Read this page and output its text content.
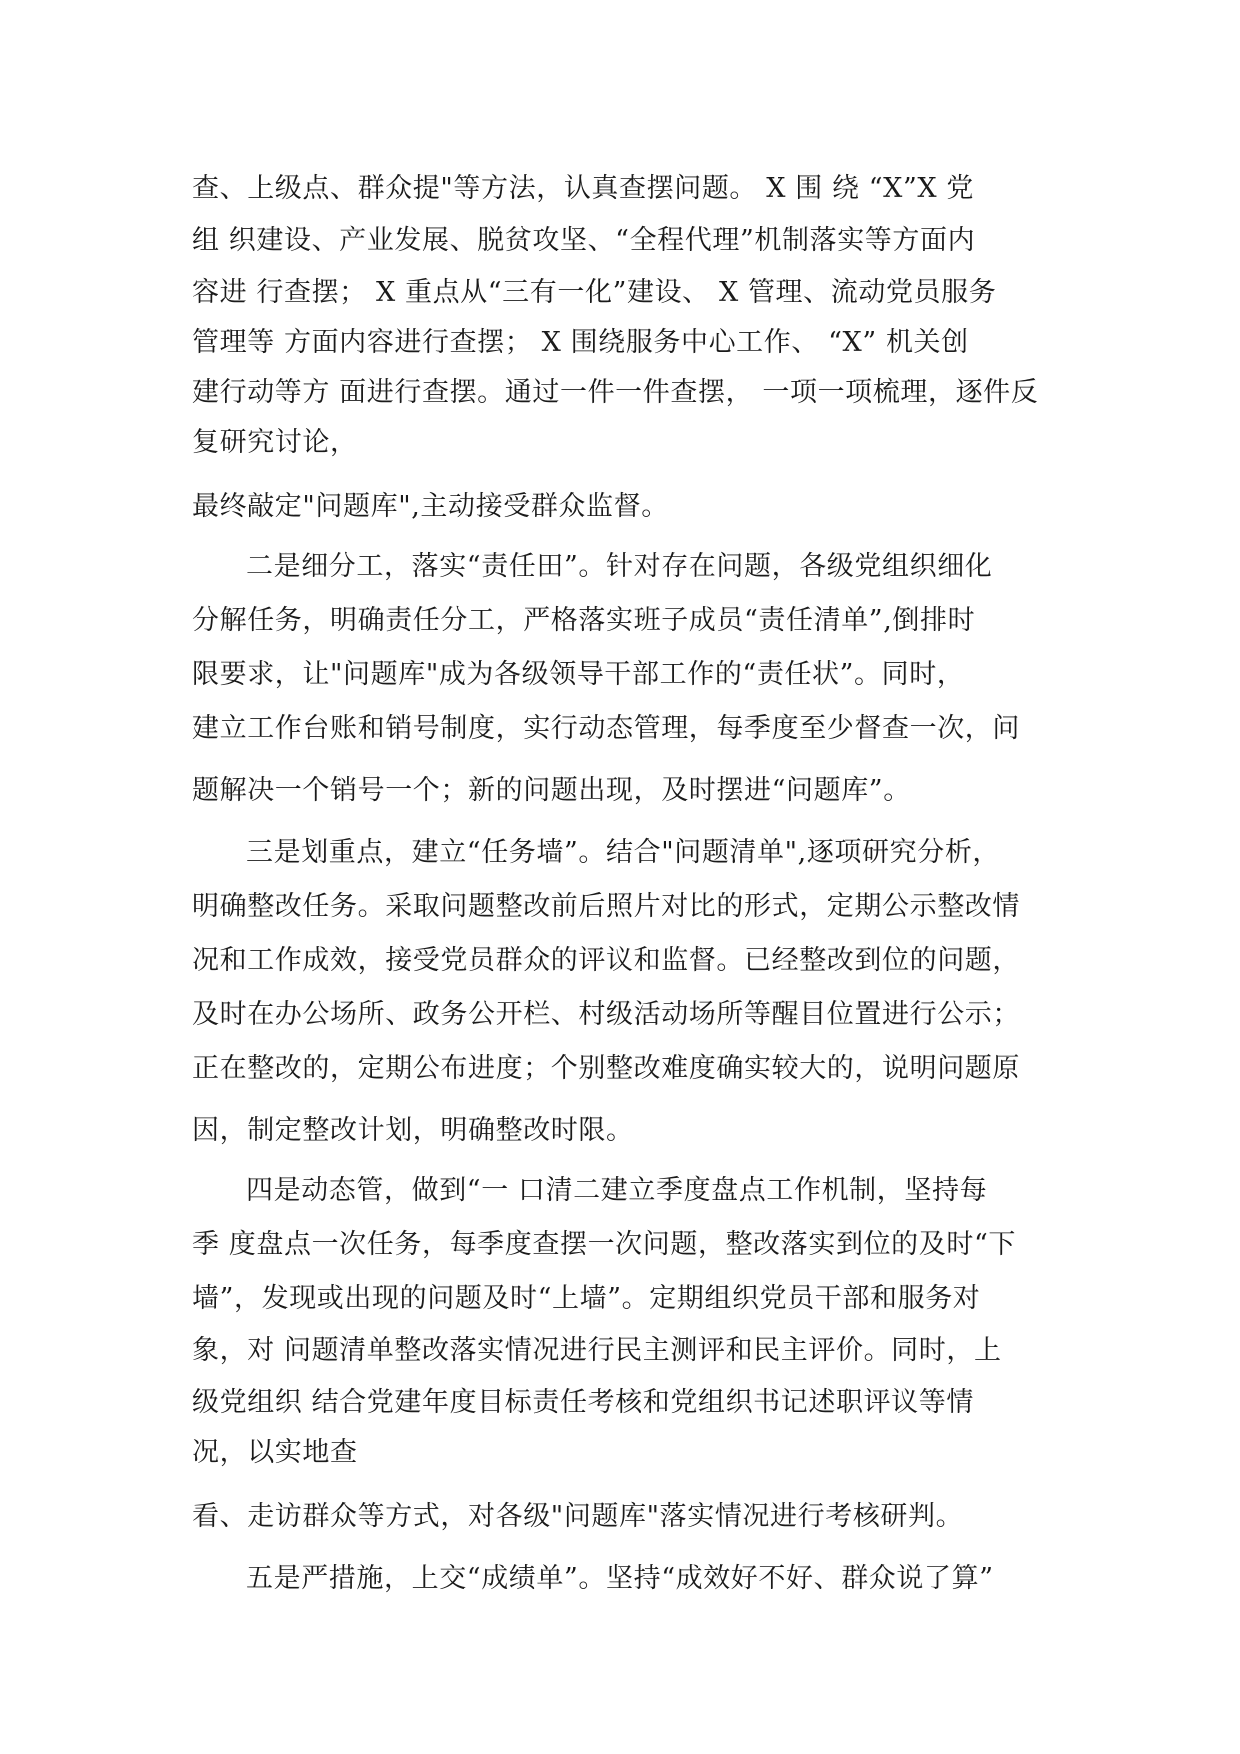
查、上级点、群众提"等方法，认真查摆问题。 X 围 绕 “X”X 党
组 织建设、产业发展、脱贫攻坚、“全程代理”机制落实等方面内
容进 行查摆； X 重点从“三有一化”建设、 X 管理、流动党员服务
管理等 方面内容进行查摆； X 围绕服务中心工作、 “X” 机关创
建行动等方 面进行查摆。通过一件一件查摆， 一项一项梳理，逐件反
复研究讨论，
最终敲定"问题库",主动接受群众监督。
二是细分工，落实“责任田”。针对存在问题，各级党组织细化
分解任务，明确责任分工，严格落实班子成员“责任清单”,倒排时
限要求，让"问题库"成为各级领导干部工作的“责任状”。同时，
建立工作台账和销号制度，实行动态管理，每季度至少督查一次，问
题解决一个销号一个；新的问题出现，及时摆进“问题库”。
三是划重点，建立“任务墙”。结合"问题清单",逐项研究分析，
明确整改任务。采取问题整改前后照片对比的形式，定期公示整改情
况和工作成效，接受党员群众的评议和监督。已经整改到位的问题，
及时在办公场所、政务公开栏、村级活动场所等醒目位置进行公示；
正在整改的，定期公布进度；个别整改难度确实较大的，说明问题原
因，制定整改计划，明确整改时限。
四是动态管，做到“一 口清二建立季度盘点工作机制，坚持每
季 度盘点一次任务，每季度查摆一次问题，整改落实到位的及时“下
墙”，发现或出现的问题及时“上墙”。定期组织党员干部和服务对
象，对 问题清单整改落实情况进行民主测评和民主评价。同时，上
级党组织 结合党建年度目标责任考核和党组织书记述职评议等情
况，以实地查
看、走访群众等方式，对各级"问题库"落实情况进行考核研判。
五是严措施，上交“成绩单”。坚持“成效好不好、群众说了算”
